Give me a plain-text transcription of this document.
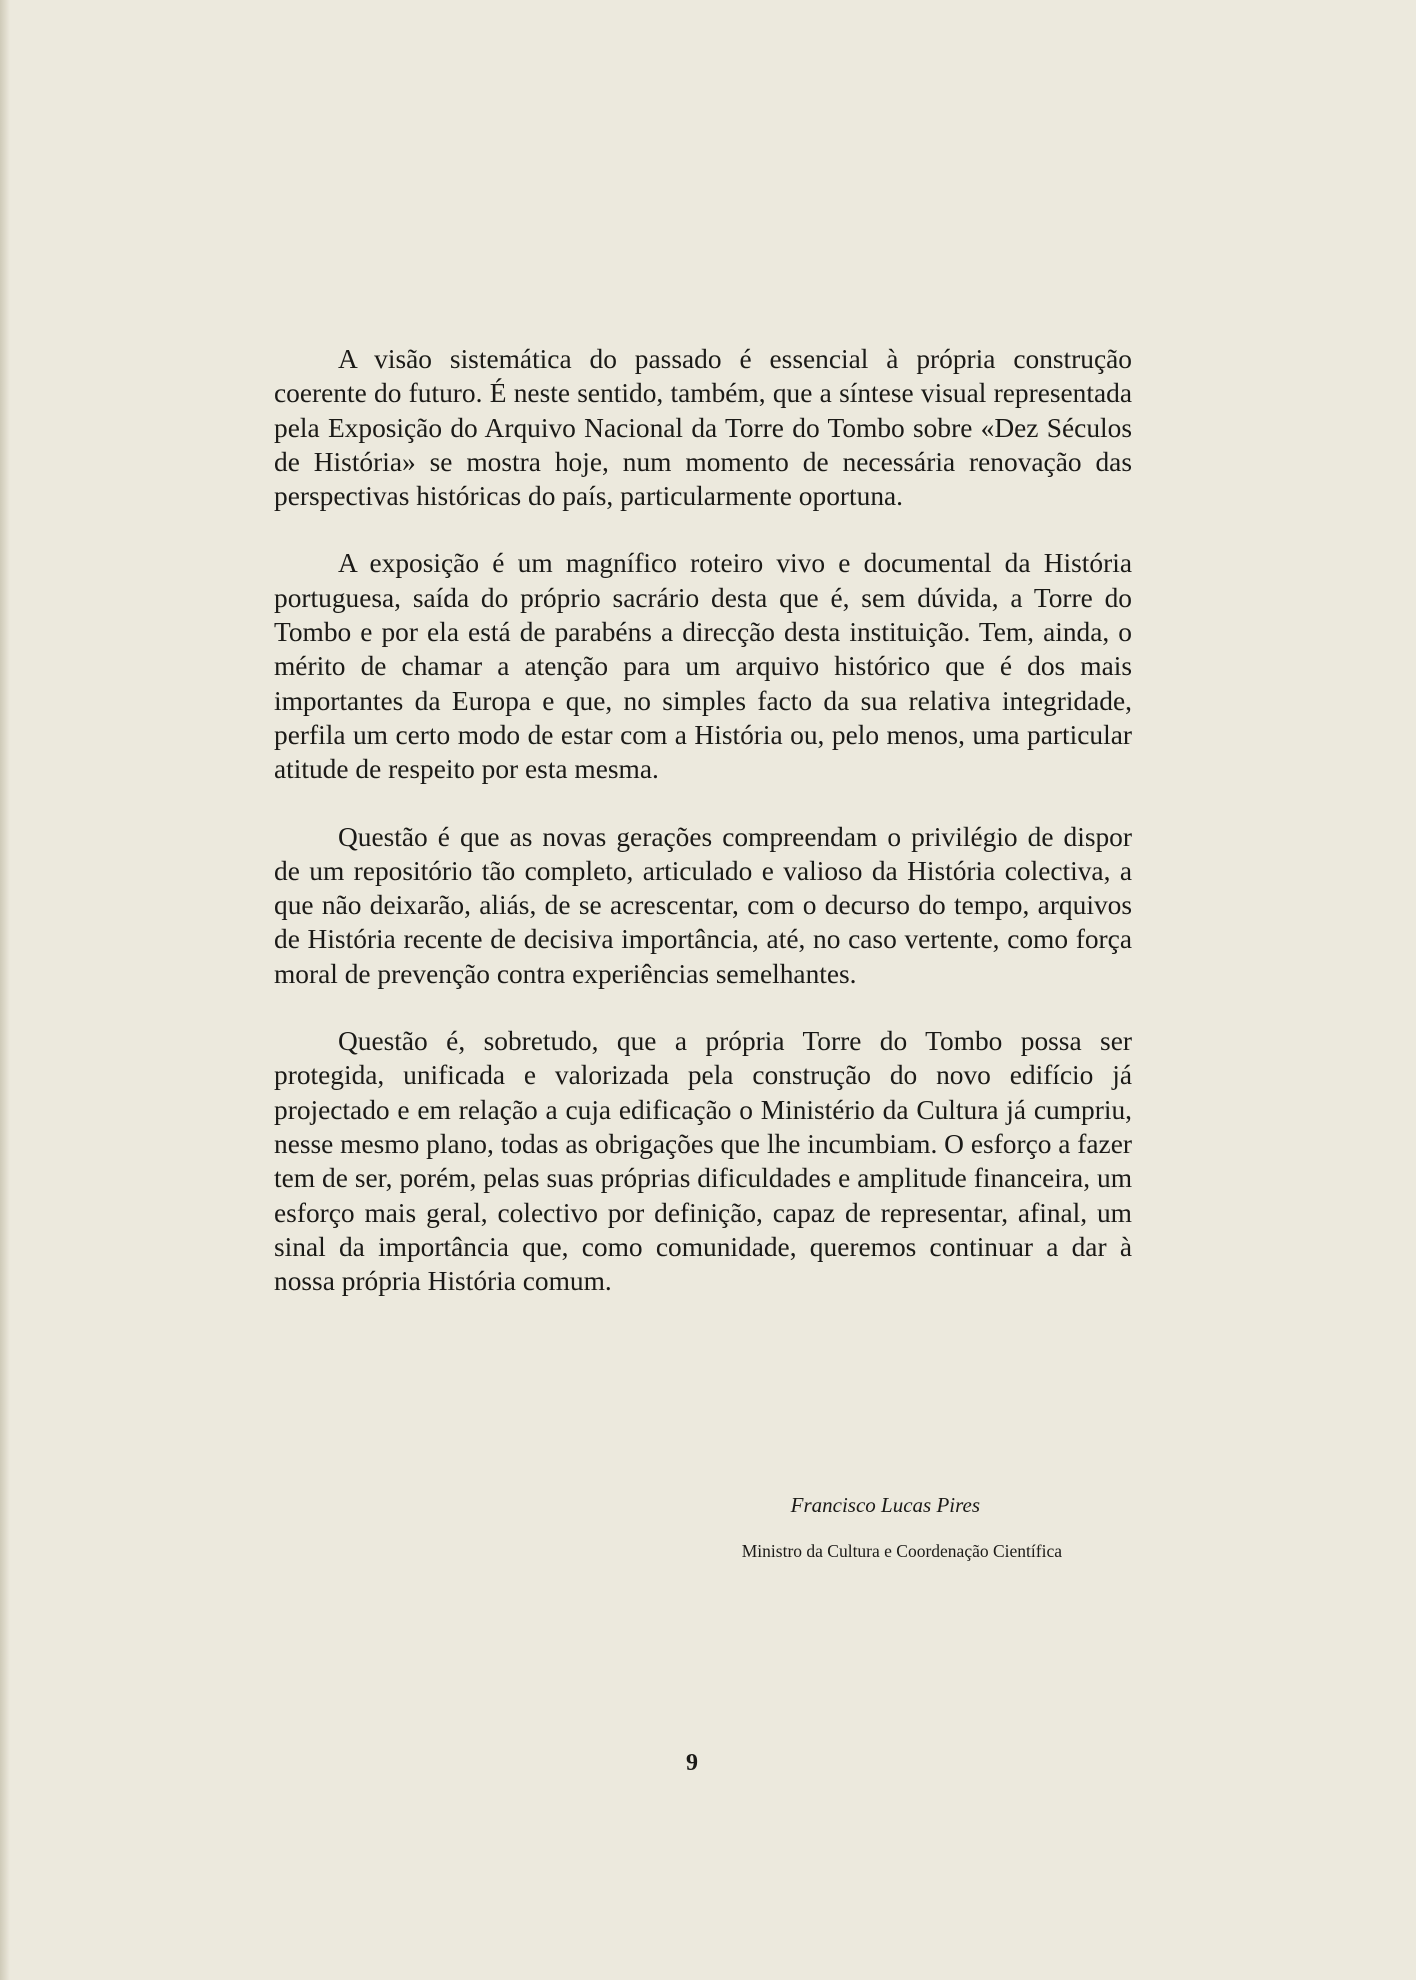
A visão sistemática do passado é essencial à própria construção coerente do futuro. É neste sentido, também, que a síntese visual representada pela Exposição do Arquivo Nacional da Torre do Tombo sobre «Dez Séculos de História» se mostra hoje, num momento de necessária renovação das perspectivas históricas do país, particularmente oportuna.

A exposição é um magnífico roteiro vivo e documental da História portuguesa, saída do próprio sacrário desta que é, sem dúvida, a Torre do Tombo e por ela está de parabéns a direcção desta instituição. Tem, ainda, o mérito de chamar a atenção para um arquivo histórico que é dos mais importantes da Europa e que, no simples facto da sua relativa integridade, perfila um certo modo de estar com a História ou, pelo menos, uma particular atitude de respeito por esta mesma.

Questão é que as novas gerações compreendam o privilégio de dispor de um repositório tão completo, articulado e valioso da História colectiva, a que não deixarão, aliás, de se acrescentar, com o decurso do tempo, arquivos de História recente de decisiva importância, até, no caso vertente, como força moral de prevenção contra experiências semelhantes.

Questão é, sobretudo, que a própria Torre do Tombo possa ser protegida, unificada e valorizada pela construção do novo edifício já projectado e em relação a cuja edificação o Ministério da Cultura já cumpriu, nesse mesmo plano, todas as obrigações que lhe incumbiam. O esforço a fazer tem de ser, porém, pelas suas próprias dificuldades e amplitude financeira, um esforço mais geral, colectivo por definição, capaz de representar, afinal, um sinal da importância que, como comunidade, queremos continuar a dar à nossa própria História comum.

Francisco Lucas Pires
Ministro da Cultura e Coordenação Científica
9
